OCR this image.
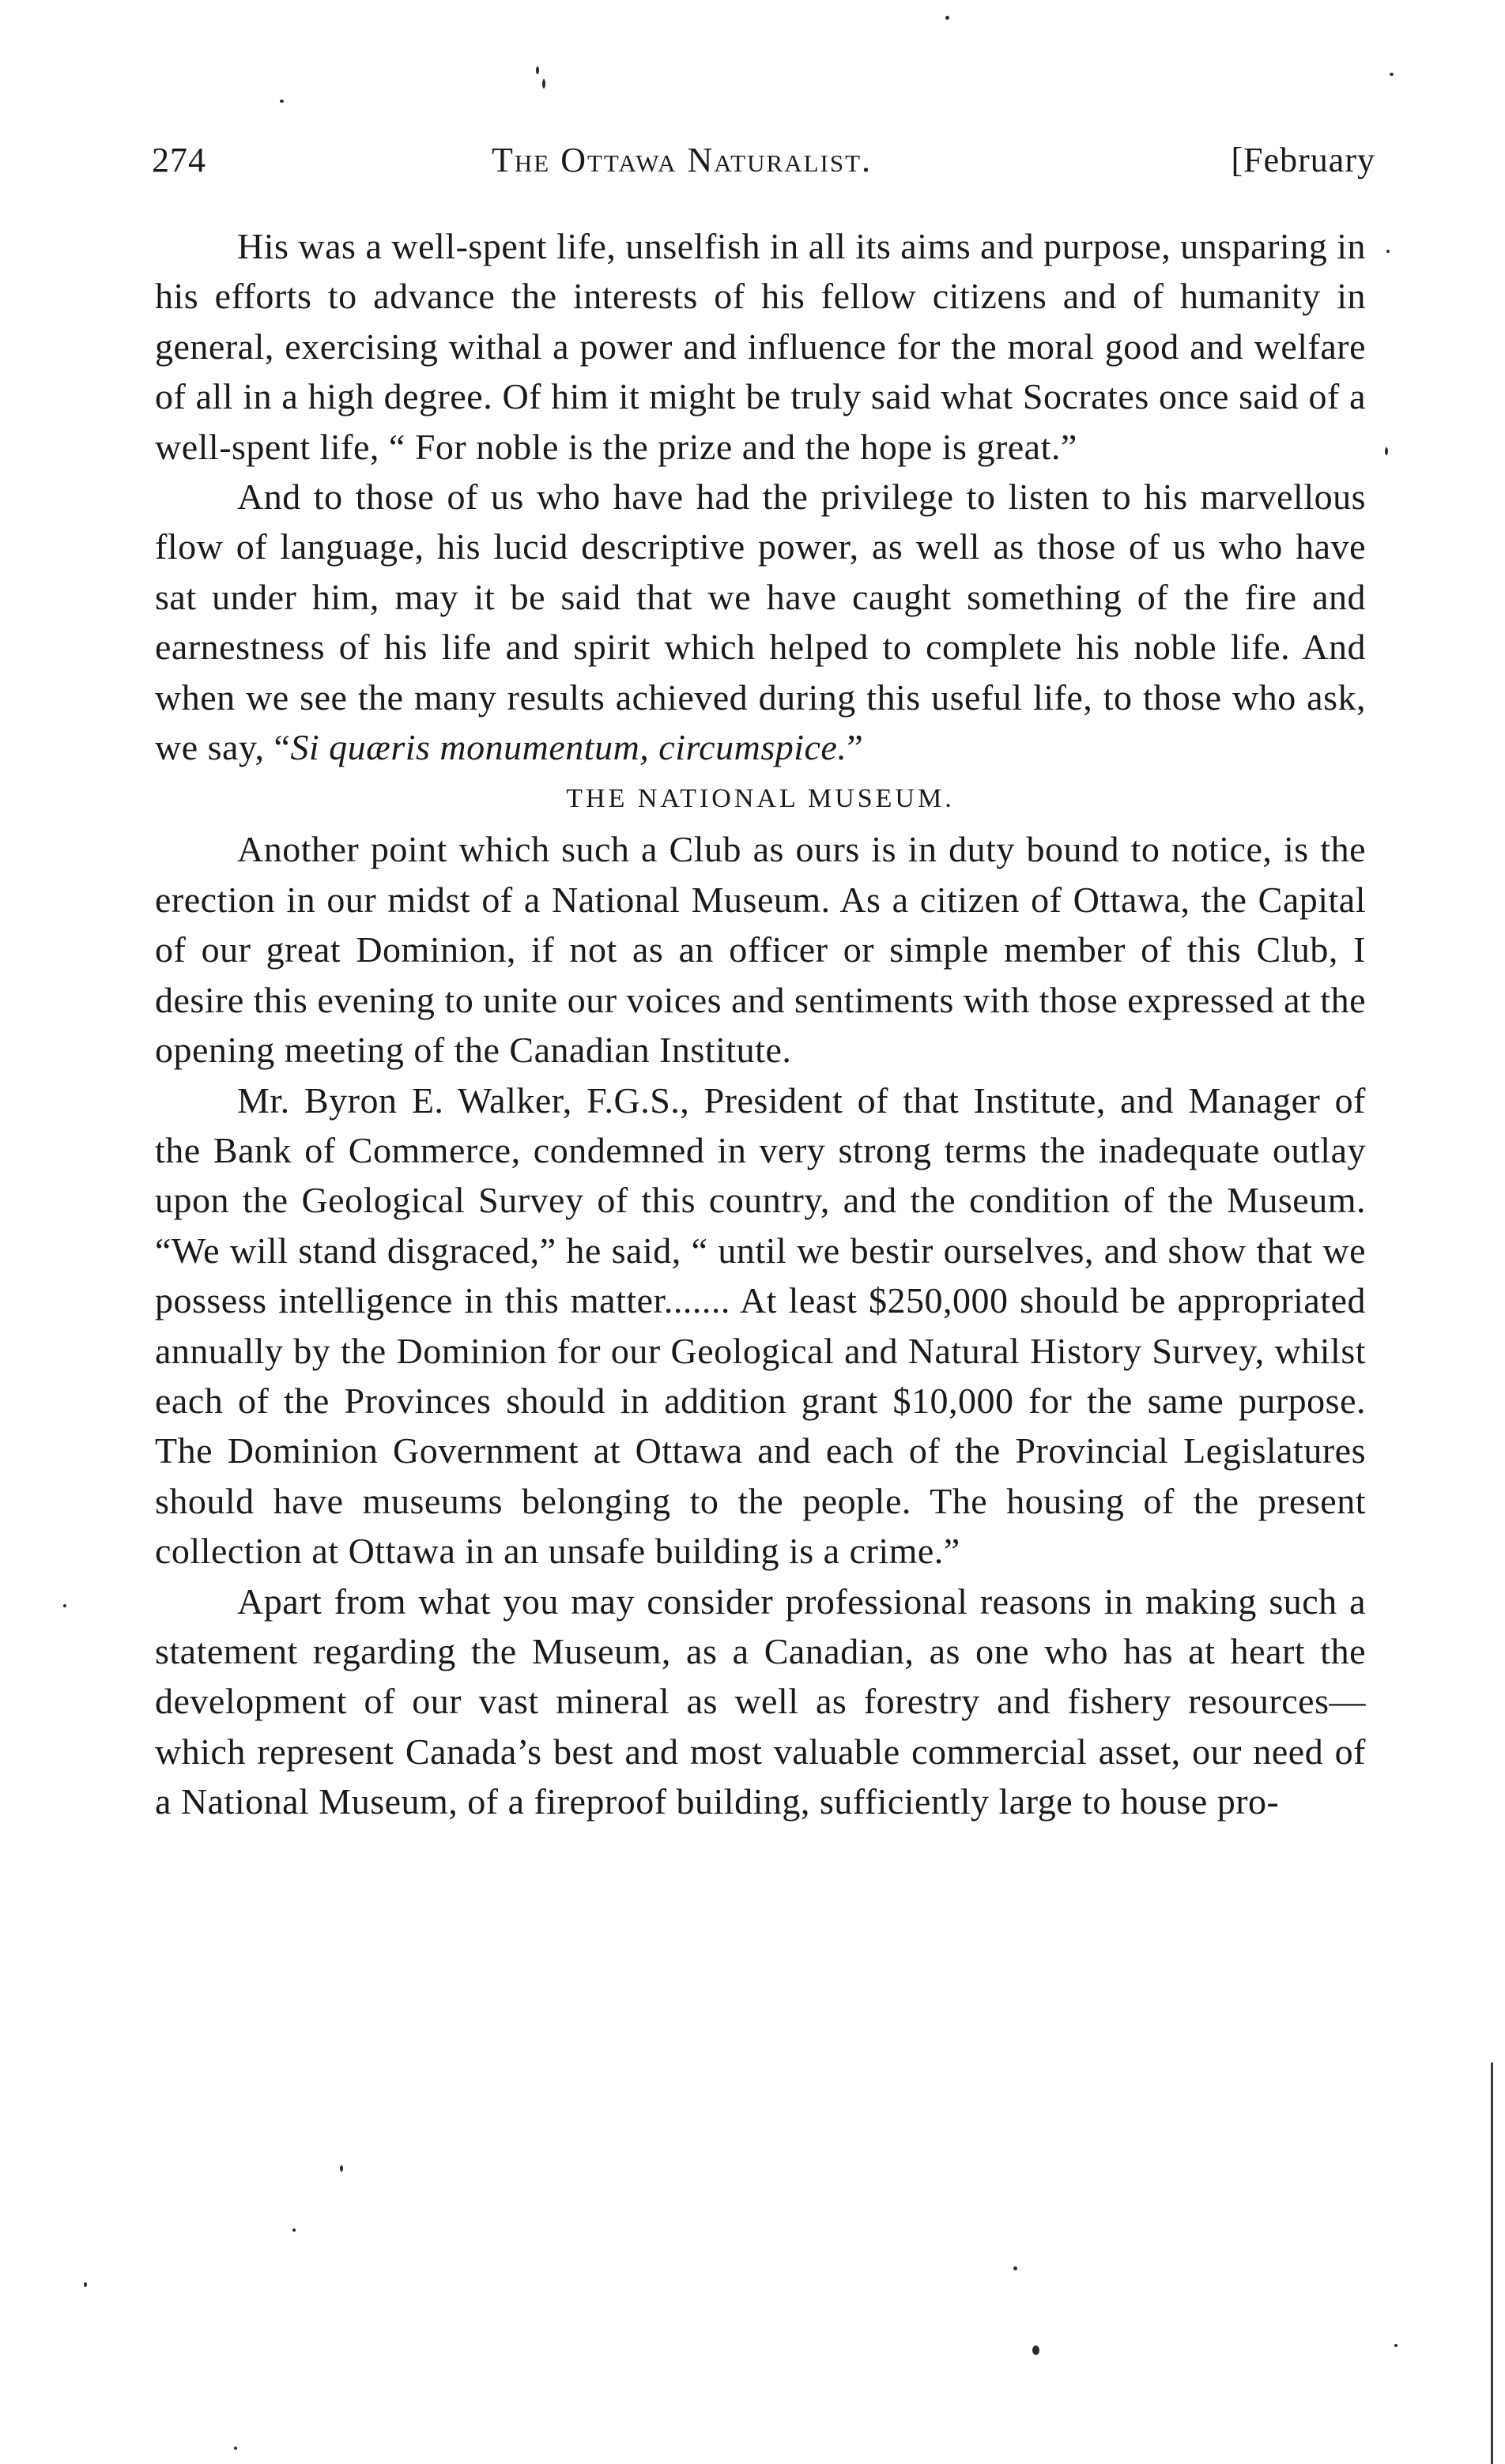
274	The Ottawa Naturalist.	[February

His was a well-spent life, unselfish in all its aims and purpose, unsparing in his efforts to advance the interests of his fellow citizens and of humanity in general, exercising withal a power and influence for the moral good and welfare of all in a high degree. Of him it might be truly said what Socrates once said of a well-spent life, “ For noble is the prize and the hope is great.”

And to those of us who have had the privilege to listen to his marvellous flow of language, his lucid descriptive power, as well as those of us who have sat under him, may it be said that we have caught something of the fire and earnestness of his life and spirit which helped to complete his noble life. And when we see the many results achieved during this useful life, to those who ask, we say, “Si quæris monumentum, circumspice.”

THE NATIONAL MUSEUM.

Another point which such a Club as ours is in duty bound to notice, is the erection in our midst of a National Museum. As a citizen of Ottawa, the Capital of our great Dominion, if not as an officer or simple member of this Club, I desire this evening to unite our voices and sentiments with those expressed at the opening meeting of the Canadian Institute.

Mr. Byron E. Walker, F.G.S., President of that Institute, and Manager of the Bank of Commerce, condemned in very strong terms the inadequate outlay upon the Geological Survey of this country, and the condition of the Museum. “We will stand disgraced,” he said, “ until we bestir ourselves, and show that we possess intelligence in this matter....... At least $250,000 should be appropriated annually by the Dominion for our Geological and Natural History Survey, whilst each of the Provinces should in addition grant $10,000 for the same purpose. The Dominion Government at Ottawa and each of the Provincial Legislatures should have museums belonging to the people. The housing of the present collection at Ottawa in an unsafe building is a crime.”

Apart from what you may consider professional reasons in making such a statement regarding the Museum, as a Canadian, as one who has at heart the development of our vast mineral as well as forestry and fishery resources—which represent Canada’s best and most valuable commercial asset, our need of a National Museum, of a fireproof building, sufficiently large to house pro-
